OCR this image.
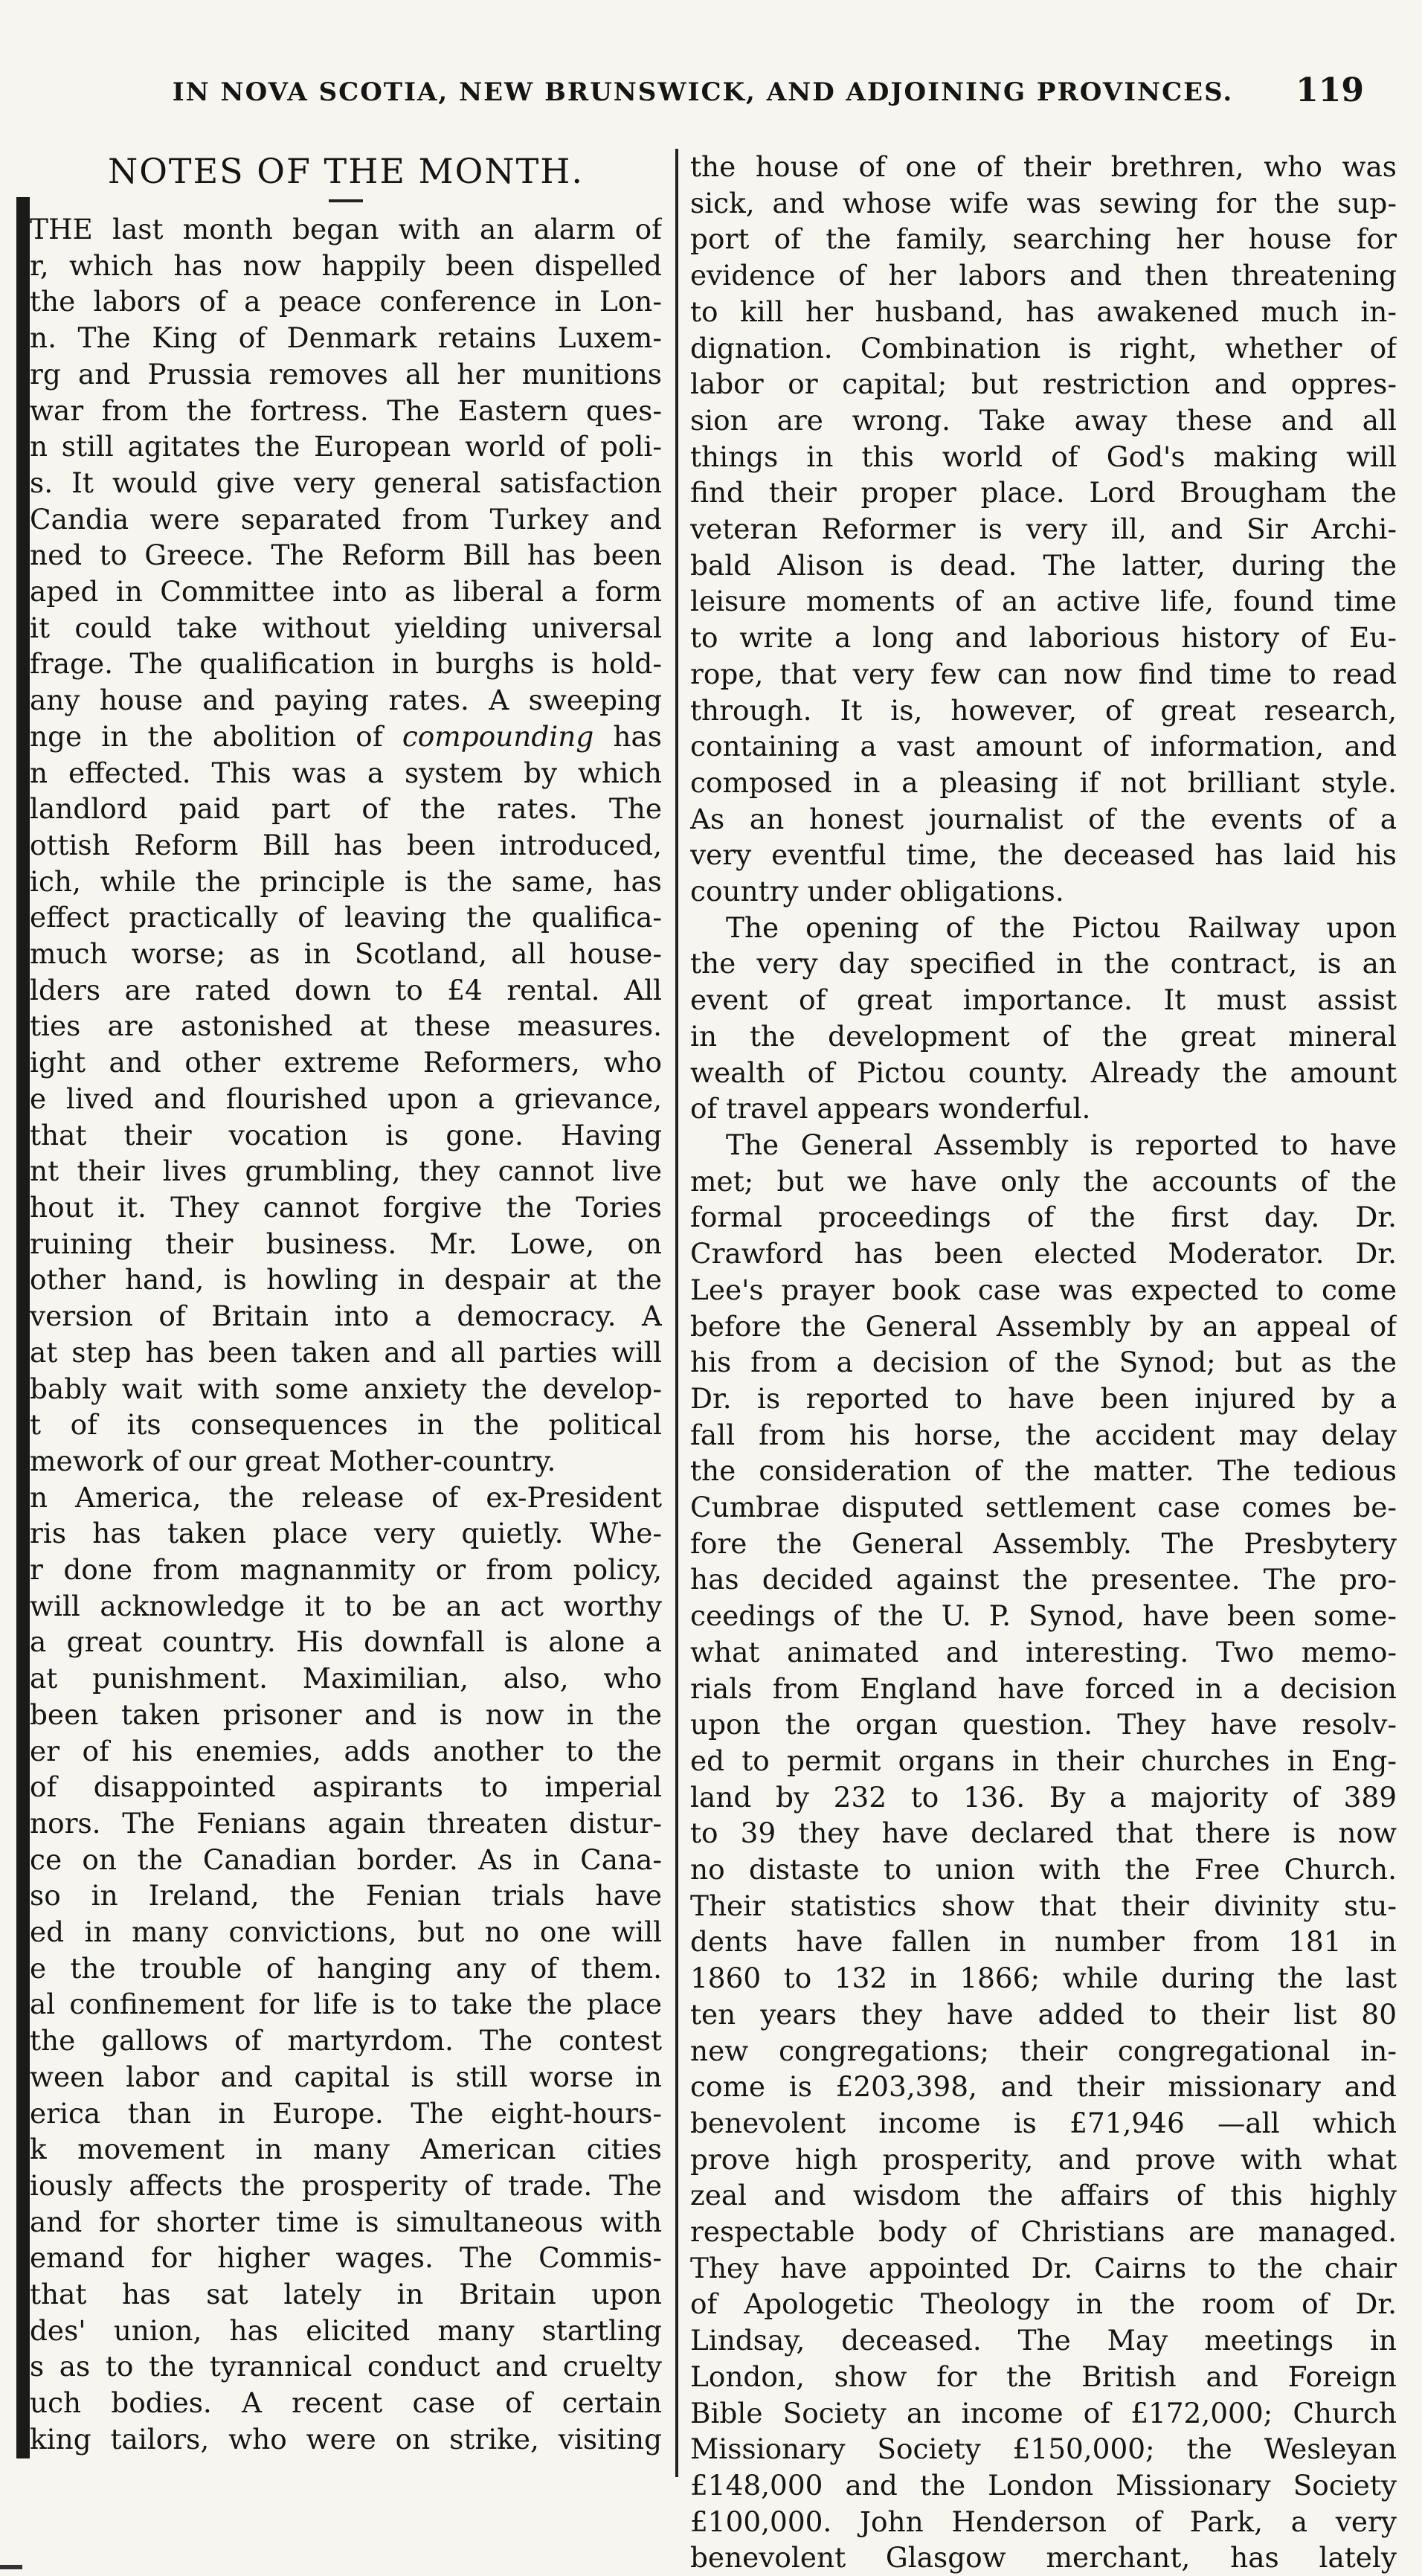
IN NOVA SCOTIA, NEW BRUNSWICK, AND ADJOINING PROVINCES. 119
NOTES OF THE MONTH.
THE last month began with an alarm of
r, which has now happily been dispelled
the labors of a peace conference in Lon-
n. The King of Denmark retains Luxem-
rg and Prussia removes all her munitions
war from the fortress. The Eastern ques-
n still agitates the European world of poli-
s. It would give very general satisfaction
Candia were separated from Turkey and
ned to Greece. The Reform Bill has been
aped in Committee into as liberal a form
it could take without yielding universal
frage. The qualification in burghs is hold-
any house and paying rates. A sweeping
nge in the abolition of compounding has
n effected. This was a system by which
landlord paid part of the rates. The
ottish Reform Bill has been introduced,
ich, while the principle is the same, has
effect practically of leaving the qualifica-
much worse; as in Scotland, all house-
lders are rated down to £4 rental. All
ties are astonished at these measures.
ight and other extreme Reformers, who
e lived and flourished upon a grievance,
that their vocation is gone. Having
nt their lives grumbling, they cannot live
hout it. They cannot forgive the Tories
ruining their business. Mr. Lowe, on
other hand, is howling in despair at the
version of Britain into a democracy. A
at step has been taken and all parties will
bably wait with some anxiety the develop-
t of its consequences in the political
mework of our great Mother-country.
n America, the release of ex-President
ris has taken place very quietly. Whe-
r done from magnanmity or from policy,
will acknowledge it to be an act worthy
a great country. His downfall is alone a
at punishment. Maximilian, also, who
been taken prisoner and is now in the
er of his enemies, adds another to the
of disappointed aspirants to imperial
nors. The Fenians again threaten distur-
ce on the Canadian border. As in Cana-
so in Ireland, the Fenian trials have
ed in many convictions, but no one will
e the trouble of hanging any of them.
al confinement for life is to take the place
the gallows of martyrdom. The contest
ween labor and capital is still worse in
erica than in Europe. The eight-hours-
k movement in many American cities
iously affects the prosperity of trade. The
and for shorter time is simultaneous with
emand for higher wages. The Commis-
that has sat lately in Britain upon
des' union, has elicited many startling
s as to the tyrannical conduct and cruelty
uch bodies. A recent case of certain
king tailors, who were on strike, visiting
the house of one of their brethren, who was
sick, and whose wife was sewing for the sup-
port of the family, searching her house for
evidence of her labors and then threatening
to kill her husband, has awakened much in-
dignation. Combination is right, whether of
labor or capital; but restriction and oppres-
sion are wrong. Take away these and all
things in this world of God's making will
find their proper place. Lord Brougham the
veteran Reformer is very ill, and Sir Archi-
bald Alison is dead. The latter, during the
leisure moments of an active life, found time
to write a long and laborious history of Eu-
rope, that very few can now find time to read
through. It is, however, of great research,
containing a vast amount of information, and
composed in a pleasing if not brilliant style.
As an honest journalist of the events of a
very eventful time, the deceased has laid his
country under obligations.
The opening of the Pictou Railway upon
the very day specified in the contract, is an
event of great importance. It must assist
in the development of the great mineral
wealth of Pictou county. Already the amount
of travel appears wonderful.
The General Assembly is reported to have
met; but we have only the accounts of the
formal proceedings of the first day. Dr.
Crawford has been elected Moderator. Dr.
Lee's prayer book case was expected to come
before the General Assembly by an appeal of
his from a decision of the Synod; but as the
Dr. is reported to have been injured by a
fall from his horse, the accident may delay
the consideration of the matter. The tedious
Cumbrae disputed settlement case comes be-
fore the General Assembly. The Presbytery
has decided against the presentee. The pro-
ceedings of the U. P. Synod, have been some-
what animated and interesting. Two memo-
rials from England have forced in a decision
upon the organ question. They have resolv-
ed to permit organs in their churches in Eng-
land by 232 to 136. By a majority of 389
to 39 they have declared that there is now
no distaste to union with the Free Church.
Their statistics show that their divinity stu-
dents have fallen in number from 181 in
1860 to 132 in 1866; while during the last
ten years they have added to their list 80
new congregations; their congregational in-
come is £203,398, and their missionary and
benevolent income is £71,946 —all which
prove high prosperity, and prove with what
zeal and wisdom the affairs of this highly
respectable body of Christians are managed.
They have appointed Dr. Cairns to the chair
of Apologetic Theology in the room of Dr.
Lindsay, deceased. The May meetings in
London, show for the British and Foreign
Bible Society an income of £172,000; Church
Missionary Society £150,000; the Wesleyan
£148,000 and the London Missionary Society
£100,000. John Henderson of Park, a very
benevolent Glasgow merchant, has lately
